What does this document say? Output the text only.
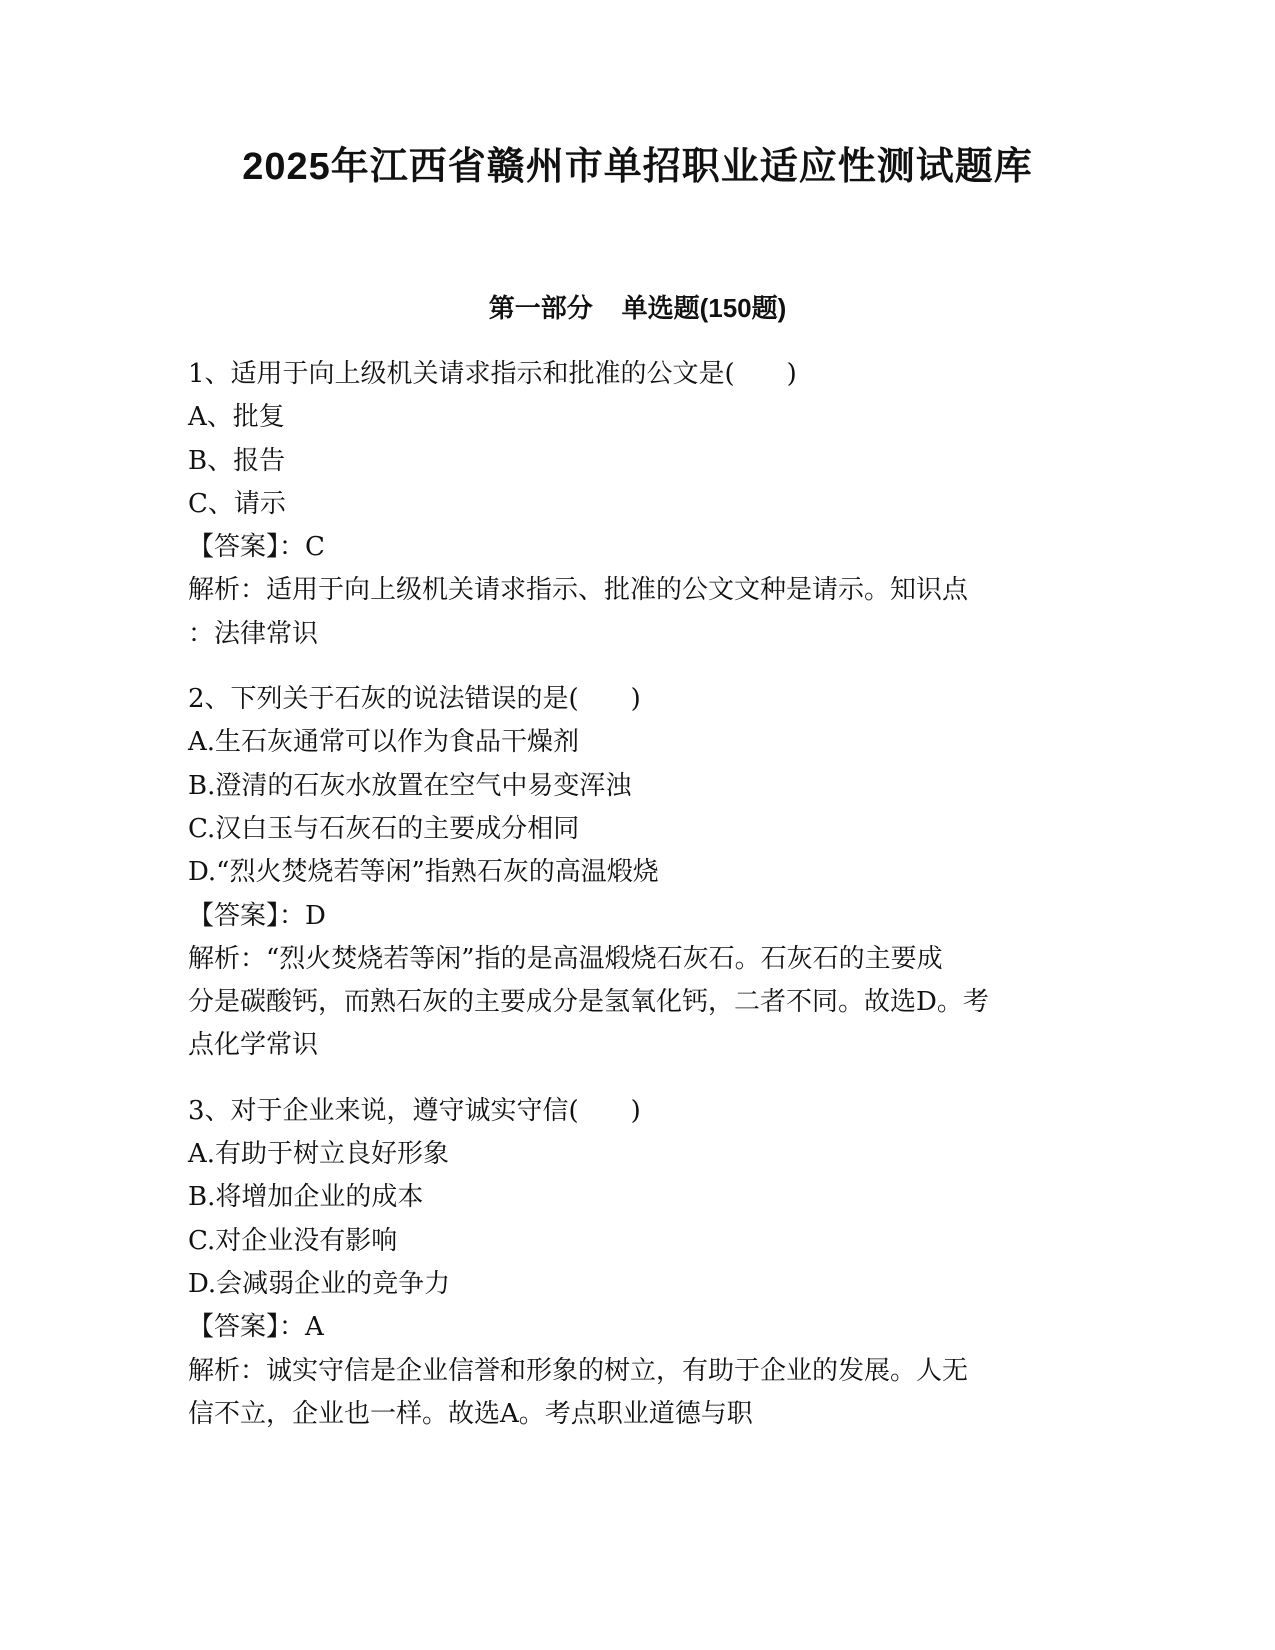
2025年江西省赣州市单招职业适应性测试题库
第一部分    单选题(150题)

1、适用于向上级机关请求指示和批准的公文是(　　)

A、批复

B、报告

C、请示

【答案】：C

解析：适用于向上级机关请求指示、批准的公文文种是请示。知识点

：法律常识

2、下列关于石灰的说法错误的是(　　)

A.生石灰通常可以作为食品干燥剂

B.澄清的石灰水放置在空气中易变浑浊

C.汉白玉与石灰石的主要成分相同

D.“烈火焚烧若等闲”指熟石灰的高温煅烧

【答案】：D

解析：“烈火焚烧若等闲”指的是高温煅烧石灰石。石灰石的主要成

分是碳酸钙，而熟石灰的主要成分是氢氧化钙，二者不同。故选D。考

点化学常识

3、对于企业来说，遵守诚实守信(　　)

A.有助于树立良好形象

B.将增加企业的成本

C.对企业没有影响

D.会减弱企业的竞争力

【答案】：A

解析：诚实守信是企业信誉和形象的树立，有助于企业的发展。人无

信不立，企业也一样。故选A。考点职业道德与职
